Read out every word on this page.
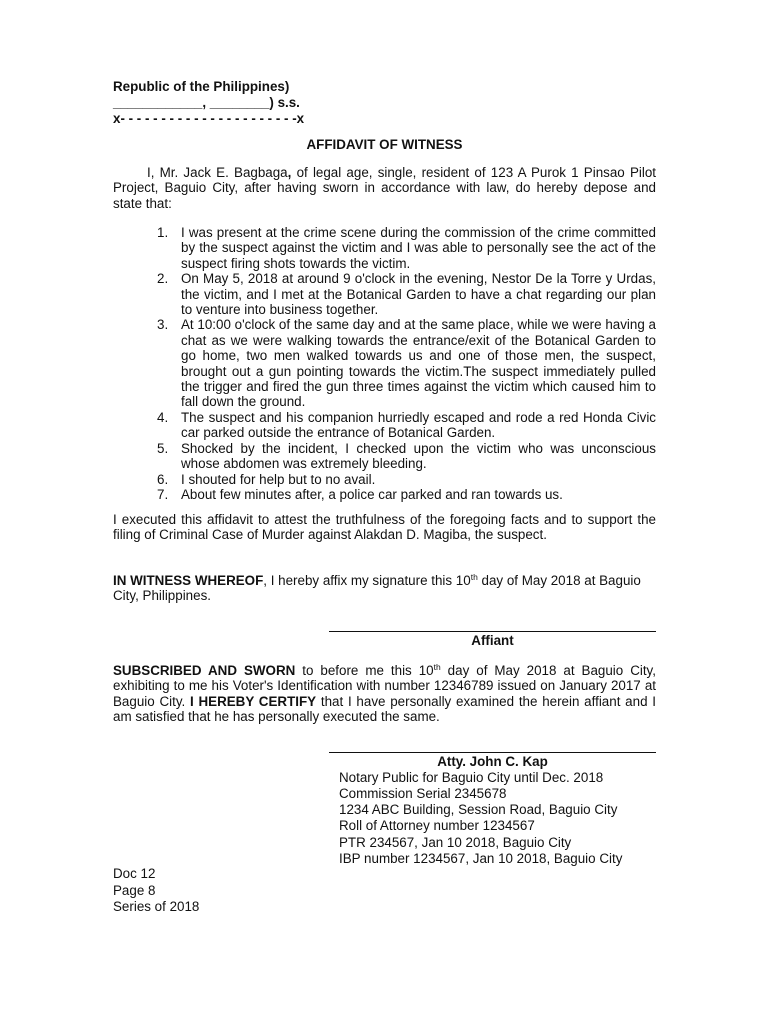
Republic of the Philippines)
____________, ________) s.s.
x- - - - - - - - - - - - - - - - - - - - - -x
AFFIDAVIT OF WITNESS
I, Mr. Jack E. Bagbaga, of legal age, single, resident of 123 A Purok 1 Pinsao Pilot Project, Baguio City, after having sworn in accordance with law, do hereby depose and state that:
1. I was present at the crime scene during the commission of the crime committed by the suspect against the victim and I was able to personally see the act of the suspect firing shots towards the victim.
2. On May 5, 2018 at around 9 o'clock in the evening, Nestor De la Torre y Urdas, the victim, and I met at the Botanical Garden to have a chat regarding our plan to venture into business together.
3. At 10:00 o'clock of the same day and at the same place, while we were having a chat as we were walking towards the entrance/exit of the Botanical Garden to go home, two men walked towards us and one of those men, the suspect, brought out a gun pointing towards the victim.The suspect immediately pulled the trigger and fired the gun three times against the victim which caused him to fall down the ground.
4. The suspect and his companion hurriedly escaped and rode a red Honda Civic car parked outside the entrance of Botanical Garden.
5. Shocked by the incident, I checked upon the victim who was unconscious whose abdomen was extremely bleeding.
6. I shouted for help but to no avail.
7. About few minutes after, a police car parked and ran towards us.
I executed this affidavit to attest the truthfulness of the foregoing facts and to support the filing of Criminal Case of Murder against Alakdan D. Magiba, the suspect.
IN WITNESS WHEREOF, I hereby affix my signature this 10th day of May 2018 at Baguio City, Philippines.
Affiant
SUBSCRIBED AND SWORN to before me this 10th day of May 2018 at Baguio City, exhibiting to me his Voter's Identification with number 12346789 issued on January 2017 at Baguio City. I HEREBY CERTIFY that I have personally examined the herein affiant and I am satisfied that he has personally executed the same.
Atty. John C. Kap
Notary Public for Baguio City until Dec. 2018
Commission Serial 2345678
1234 ABC Building, Session Road, Baguio City
Roll of Attorney number 1234567
PTR 234567, Jan 10 2018, Baguio City
IBP number 1234567, Jan 10 2018, Baguio City
Doc 12
Page 8
Series of 2018
